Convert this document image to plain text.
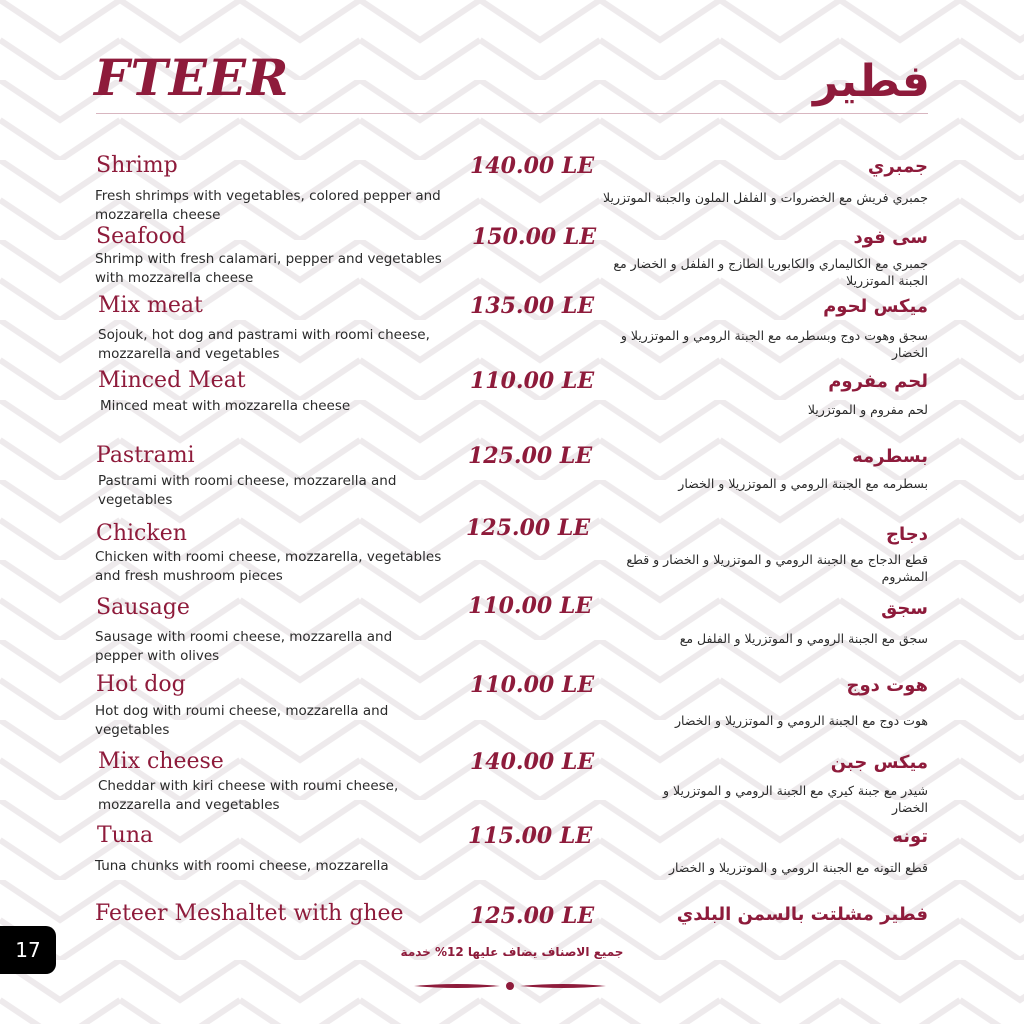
FTEER	فطير
Shrimp	140.00 LE	جمبري
Fresh shrimps with vegetables, colored pepper and mozzarella cheese
جمبري فريش مع الخضروات و الفلفل الملون والجبنة الموتزريلا
Seafood	150.00 LE	سى فود
Shrimp with fresh calamari, pepper and vegetables with mozzarella cheese
جمبري مع الكاليماري والكابوريا الطازج و الفلفل و الخضار مع الجبنة الموتزريلا
Mix meat	135.00 LE	ميكس لحوم
Sojouk, hot dog and pastrami with roomi cheese, mozzarella and vegetables
سجق وهوت دوج وبسطرمه مع الجبنة الرومي و الموتزريلا و الخضار
Minced Meat	110.00 LE	لحم مفروم
Minced meat with mozzarella cheese	لحم مفروم و الموتزريلا
Pastrami	125.00 LE	بسطرمه
Pastrami with roomi cheese, mozzarella and vegetables
بسطرمه مع الجبنة الرومي و الموتزريلا و الخضار
Chicken	125.00 LE	دجاج
Chicken with roomi cheese, mozzarella, vegetables and fresh mushroom pieces
قطع الدجاج مع الجبنة الرومي و الموتزريلا و الخضار و قطع المشروم
Sausage	110.00 LE	سجق
Sausage with roomi cheese, mozzarella and pepper with olives
سجق مع الجبنة الرومي و الموتزريلا و الفلفل مع
Hot dog	110.00 LE	هوت دوج
Hot dog with roumi cheese, mozzarella and vegetables
هوت دوج مع الجبنة الرومي و الموتزريلا و الخضار
Mix cheese	140.00 LE	ميكس جبن
Cheddar with kiri cheese with roumi cheese, mozzarella and vegetables
شيدر مع جبنة كيري مع الجبنة الرومي و الموتزريلا و الخضار
Tuna	115.00 LE	تونه
Tuna chunks with roomi cheese, mozzarella	قطع التونه مع الجبنة الرومي و الموتزريلا و الخضار
Feteer Meshaltet with ghee	125.00 LE	فطير مشلتت بالسمن البلدي
17	جميع الاصناف يضاف عليها 12% خدمة
